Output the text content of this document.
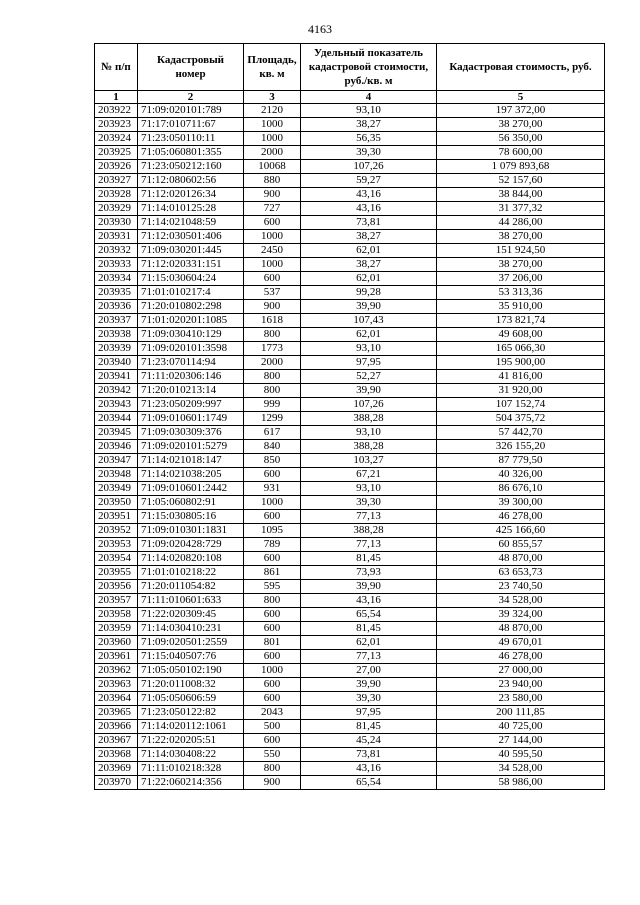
4163
№ п/п	Кадастровый номер	Площадь, кв. м	Удельный показатель кадастровой стоимости, руб./кв. м	Кадастровая стоимость, руб.
1	2	3	4	5
203922	71:09:020101:789	2120	93,10	197 372,00
203923	71:17:010711:67	1000	38,27	38 270,00
203924	71:23:050110:11	1000	56,35	56 350,00
203925	71:05:060801:355	2000	39,30	78 600,00
203926	71:23:050212:160	10068	107,26	1 079 893,68
203927	71:12:080602:56	880	59,27	52 157,60
203928	71:12:020126:34	900	43,16	38 844,00
203929	71:14:010125:28	727	43,16	31 377,32
203930	71:14:021048:59	600	73,81	44 286,00
203931	71:12:030501:406	1000	38,27	38 270,00
203932	71:09:030201:445	2450	62,01	151 924,50
203933	71:12:020331:151	1000	38,27	38 270,00
203934	71:15:030604:24	600	62,01	37 206,00
203935	71:01:010217:4	537	99,28	53 313,36
203936	71:20:010802:298	900	39,90	35 910,00
203937	71:01:020201:1085	1618	107,43	173 821,74
203938	71:09:030410:129	800	62,01	49 608,00
203939	71:09:020101:3598	1773	93,10	165 066,30
203940	71:23:070114:94	2000	97,95	195 900,00
203941	71:11:020306:146	800	52,27	41 816,00
203942	71:20:010213:14	800	39,90	31 920,00
203943	71:23:050209:997	999	107,26	107 152,74
203944	71:09:010601:1749	1299	388,28	504 375,72
203945	71:09:030309:376	617	93,10	57 442,70
203946	71:09:020101:5279	840	388,28	326 155,20
203947	71:14:021018:147	850	103,27	87 779,50
203948	71:14:021038:205	600	67,21	40 326,00
203949	71:09:010601:2442	931	93,10	86 676,10
203950	71:05:060802:91	1000	39,30	39 300,00
203951	71:15:030805:16	600	77,13	46 278,00
203952	71:09:010301:1831	1095	388,28	425 166,60
203953	71:09:020428:729	789	77,13	60 855,57
203954	71:14:020820:108	600	81,45	48 870,00
203955	71:01:010218:22	861	73,93	63 653,73
203956	71:20:011054:82	595	39,90	23 740,50
203957	71:11:010601:633	800	43,16	34 528,00
203958	71:22:020309:45	600	65,54	39 324,00
203959	71:14:030410:231	600	81,45	48 870,00
203960	71:09:020501:2559	801	62,01	49 670,01
203961	71:15:040507:76	600	77,13	46 278,00
203962	71:05:050102:190	1000	27,00	27 000,00
203963	71:20:011008:32	600	39,90	23 940,00
203964	71:05:050606:59	600	39,30	23 580,00
203965	71:23:050122:82	2043	97,95	200 111,85
203966	71:14:020112:1061	500	81,45	40 725,00
203967	71:22:020205:51	600	45,24	27 144,00
203968	71:14:030408:22	550	73,81	40 595,50
203969	71:11:010218:328	800	43,16	34 528,00
203970	71:22:060214:356	900	65,54	58 986,00
